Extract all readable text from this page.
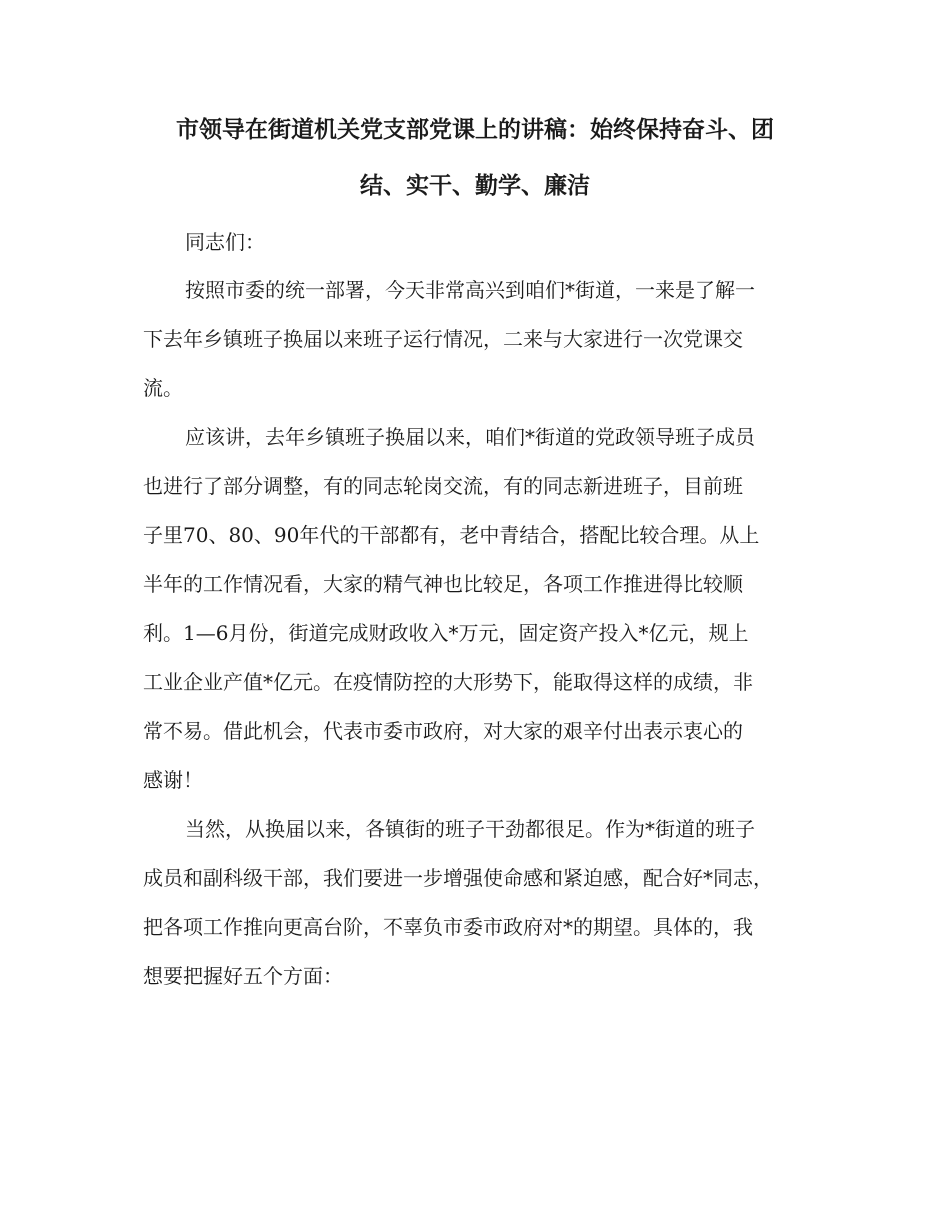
市领导在街道机关党支部党课上的讲稿：始终保持奋斗、团
结、实干、勤学、廉洁

同志们：

按照市委的统一部署，今天非常高兴到咱们*街道，一来是了解一

下去年乡镇班子换届以来班子运行情况，二来与大家进行一次党课交

流。

应该讲，去年乡镇班子换届以来，咱们*街道的党政领导班子成员

也进行了部分调整，有的同志轮岗交流，有的同志新进班子，目前班

子里70、80、90年代的干部都有，老中青结合，搭配比较合理。从上

半年的工作情况看，大家的精气神也比较足，各项工作推进得比较顺

利。1—6月份，街道完成财政收入*万元，固定资产投入*亿元，规上

工业企业产值*亿元。在疫情防控的大形势下，能取得这样的成绩，非

常不易。借此机会，代表市委市政府，对大家的艰辛付出表示衷心的

感谢！

当然，从换届以来，各镇街的班子干劲都很足。作为*街道的班子

成员和副科级干部，我们要进一步增强使命感和紧迫感，配合好*同志，

把各项工作推向更高台阶，不辜负市委市政府对*的期望。具体的，我

想要把握好五个方面：
